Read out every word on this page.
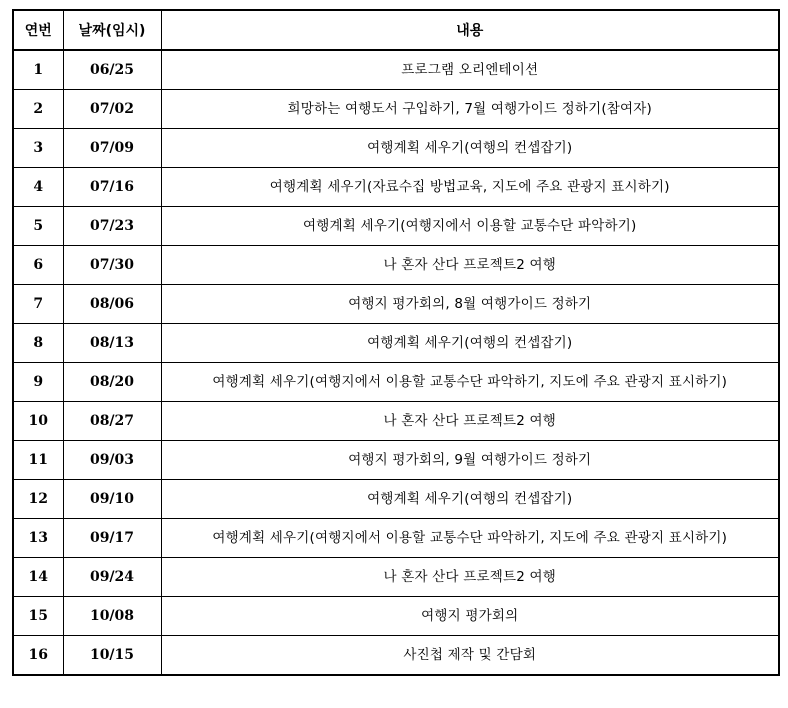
연번	날짜(임시)	내용
1	06/25	프로그램 오리엔테이션
2	07/02	희망하는 여행도서 구입하기, 7월 여행가이드 정하기(참여자)
3	07/09	여행계획 세우기(여행의 컨셉잡기)
4	07/16	여행계획 세우기(자료수집 방법교육, 지도에 주요 관광지 표시하기)
5	07/23	여행계획 세우기(여행지에서 이용할 교통수단 파악하기)
6	07/30	나 혼자 산다 프로젝트2 여행
7	08/06	여행지 평가회의, 8월 여행가이드 정하기
8	08/13	여행계획 세우기(여행의 컨셉잡기)
9	08/20	여행계획 세우기(여행지에서 이용할 교통수단 파악하기, 지도에 주요 관광지 표시하기)
10	08/27	나 혼자 산다 프로젝트2 여행
11	09/03	여행지 평가회의, 9월 여행가이드 정하기
12	09/10	여행계획 세우기(여행의 컨셉잡기)
13	09/17	여행계획 세우기(여행지에서 이용할 교통수단 파악하기, 지도에 주요 관광지 표시하기)
14	09/24	나 혼자 산다 프로젝트2 여행
15	10/08	여행지 평가회의
16	10/15	사진첩 제작 및 간담회
